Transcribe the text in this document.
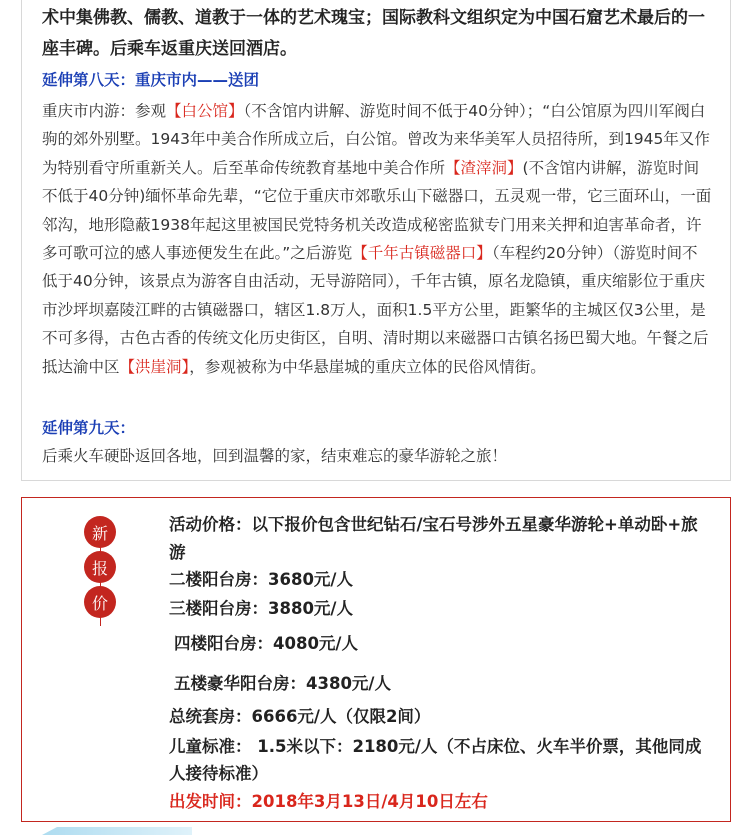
术中集佛教、儒教、道教于一体的艺术瑰宝；国际教科文组织定为中国石窟艺术最后的一座丰碑。后乘车返重庆送回酒店。

延伸第八天：重庆市内——送团

重庆市内游：参观【白公馆】（不含馆内讲解、游览时间不低于40分钟）；“白公馆原为四川军阀白驹的郊外别墅。1943年中美合作所成立后，白公馆。曾改为来华美军人员招待所，到1945年又作为特别看守所重新关人。后至革命传统教育基地中美合作所【渣滓洞】(不含馆内讲解，游览时间不低于40分钟)缅怀革命先辈，“它位于重庆市郊歌乐山下磁器口，五灵观一带，它三面环山，一面邻沟，地形隐蔽1938年起这里被国民党特务机关改造成秘密监狱专门用来关押和迫害革命者，许多可歌可泣的感人事迹便发生在此。”之后游览【千年古镇磁器口】（车程约20分钟）（游览时间不低于40分钟，该景点为游客自由活动，无导游陪同），千年古镇，原名龙隐镇，重庆缩影位于重庆市沙坪坝嘉陵江畔的古镇磁器口，辖区1.8万人，面积1.5平方公里，距繁华的主城区仅3公里，是不可多得，古色古香的传统文化历史街区，自明、清时期以来磁器口古镇名扬巴蜀大地。午餐之后抵达渝中区【洪崖洞】，参观被称为中华悬崖城的重庆立体的民俗风情街。

延伸第九天：

后乘火车硬卧返回各地，回到温馨的家，结束难忘的豪华游轮之旅！

新
报
价

活动价格：以下报价包含世纪钻石/宝石号涉外五星豪华游轮+单动卧+旅游

二楼阳台房：3680元/人

三楼阳台房：3880元/人

四楼阳台房：4080元/人

五楼豪华阳台房：4380元/人

总统套房：6666元/人（仅限2间）

儿童标准： 1.5米以下：2180元/人（不占床位、火车半价票，其他同成人接待标准）

出发时间：2018年3月13日/4月10日左右
